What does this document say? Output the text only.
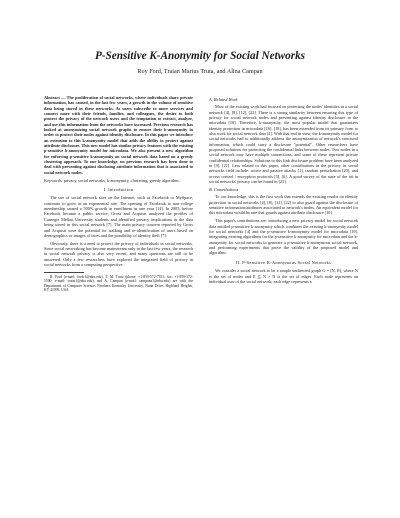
P-Sensitive K-Anonymity for Social Networks
Roy Ford, Traian Marius Truta, and Alina Campan

Abstract — The proliferation of social networks, where individuals share private information, has caused, in the last few years, a growth in the volume of sensitive data being stored in these networks. As users subscribe to more services and connect more with their friends, families, and colleagues, the desire to both protect the privacy of the network users and the temptation to extract, analyze, and use this information from the networks have increased. Previous research has looked at anonymizing social network graphs to ensure their k-anonymity in order to protect their nodes against identity disclosure. In this paper we introduce an extension to this k-anonymity model that adds the ability to protect against attribute disclosure. This new model has similar privacy features with the existing p-sensitive k-anonymity model for microdata. We also present a new algorithm for enforcing p-sensitive k-anonymity on social network data based on a greedy clustering approach. To our knowledge, no previous research has been done to deal with preventing against disclosing attribute information that is associated to social network nodes.

Keywords: privacy, social networks, k-anonymity, clustering, greedy algorithm.

I. Introduction

The use of social network sites on the Internet, such as Facebook or MySpace, continues to grow at an exponential rate. The opening of Facebook to non-college membership caused a 500% growth in enrollment in one year [14]. In 2005, before Facebook became a public service, Gross and Acquisti analyzed the profiles of Carnegie Mellon University students and identified privacy implications in the data being stored in this social network [7]. The main privacy concern reported by Gross and Acquisti were the potential for stalking and re-identification of users based on demographics or images of faces and the possibility of identity theft [7].

Obviously, there is a need to protect the privacy of individuals in social networks. Since social networking has become mainstream only in the last few years, the research in social network privacy is also very recent, and many questions are still to be answered. Only a few researchers have explored the integrated field of privacy in social networks from a computing perspective.

R. Ford (e-mail: fordr1@nku.edu), T. M. Truta (phone: +1-859-572-7551; fax: +1-859-572-5590; e-mail: trutat1@nku.edu), and A. Campan (e-mail: campana1@nku.edu) are with the Department of Computer Science, Northern Kentucky University, Nunn Drive, Highland Heights, KY 41099, USA.

A. Related Work

Most of the existing work had focused on protecting the nodes' identities in a social network [4], [8], [12], [22]. There is a strong similarity between ensuring this type of privacy for social network nodes and preventing against identity disclosure in the microdata [10]. Therefore, k-anonymity, the most popular model that guarantees identity protection in microdata [16], [18], has been extended from its primary form to also work for social network data [4]. With that end in view, the k-anonymity model for social networks had to additionally address the anonymization of network's structural information, which could carry a disclosure "potential". Other researchers have proposed solutions for protecting the confidential links between nodes. Two nodes in a social network may have multiple connections, and some of these represent private confidential relationships. Solutions to this link disclosure problem have been analyzed in [9], [21]. Less related to this paper, other contributions in the privacy in social networks field include: active and passive attacks [1], random perturbation [20], and access control / encryption protocols [5], [6]. A good survey of the state of the art in social networks' privacy can be found in [23].

B. Contributions

To our knowledge, this is the first work that extends the existing results on identity protection in social networks [4], [8], [12], [22] to also guard against the disclosure of sensitive information/attributes associated to network's nodes. An equivalent model for this microdata would be one that guards against attribute disclosure [10].

This paper's contributions are: introducing a new privacy model for social network data entitled p-sensitive k-anonymity which combines the existing k-anonymity model for social networks [4] and the p-sensitive k-anonymity model for microdata [19], integrating existing algorithms for the p-sensitive k-anonymity for microdata and the k-anonymity for social networks to generate a p-sensitive k-anonymous social network, and performing experiments that prove the validity of the proposed model and algorithm.

II. P-Sensitive K-Anonymous Social Networks

We consider a social network to be a simple undirected graph G = (N, E), where N is the set of nodes and E ⊆ N × N is the set of edges. Each node represents an individual user of the social network; each edge represents a
